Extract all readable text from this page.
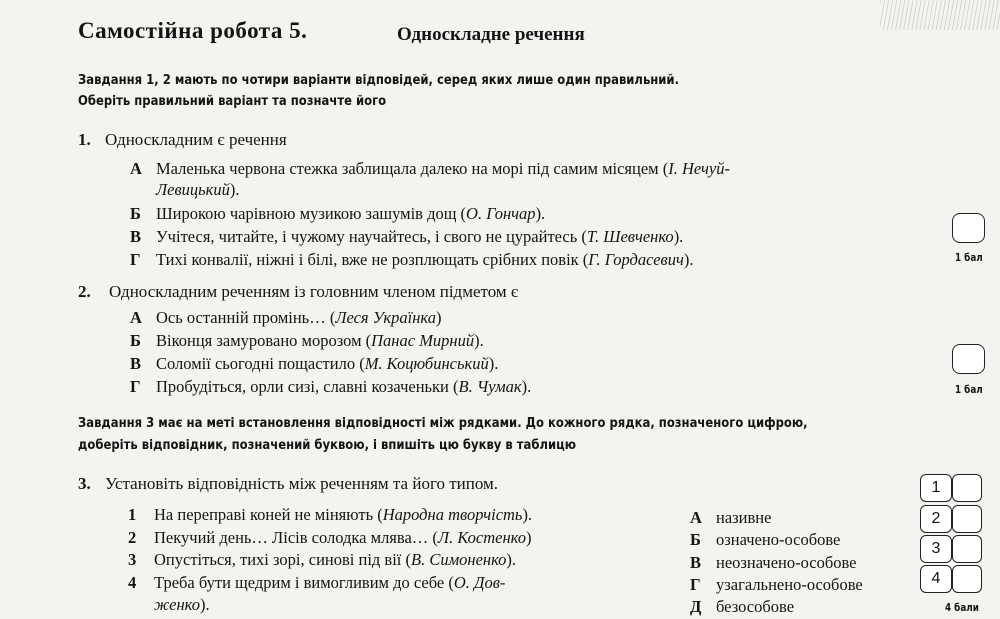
Самостійна робота 5.	Односкладне речення
Завдання 1, 2 мають по чотири варіанти відповідей, серед яких лише один правильний.
Оберіть правильний варіант та позначте його
1. Односкладним є речення
А Маленька червона стежка заблищала далеко на морі під самим місяцем (І. Нечуй-
Левицький).
Б Широкою чарівною музикою зашумів дощ (О. Гончар).
В Учітеся, читайте, і чужому научайтесь, і свого не цурайтесь (Т. Шевченко).
Г Тихі конвалії, ніжні і білі, вже не розплющать срібних повік (Г. Гордасевич).	1 бал
2. Односкладним реченням із головним членом підметом є
А Ось останній промінь… (Леся Українка)
Б Віконця замуровано морозом (Панас Мирний).
В Соломії сьогодні пощастило (М. Коцюбинський).
Г Пробудіться, орли сизі, славні козаченьки (В. Чумак).	1 бал
Завдання 3 має на меті встановлення відповідності між рядками. До кожного рядка, позначеного цифрою,
доберіть відповідник, позначений буквою, і впишіть цю букву в таблицю
3. Установіть відповідність між реченням та його типом.
1 На переправі коней не міняють (Народна творчість).
2 Пекучий день… Лісів солодка млява… (Л. Костенко)
3 Опустіться, тихі зорі, синові під вії (В. Симоненко).
4 Треба бути щедрим і вимогливим до себе (О. Дов-
женко).
А називне
Б означено-особове
В неозначено-особове
Г узагальнено-особове
Д безособове
1
2
3
4
4 бали
